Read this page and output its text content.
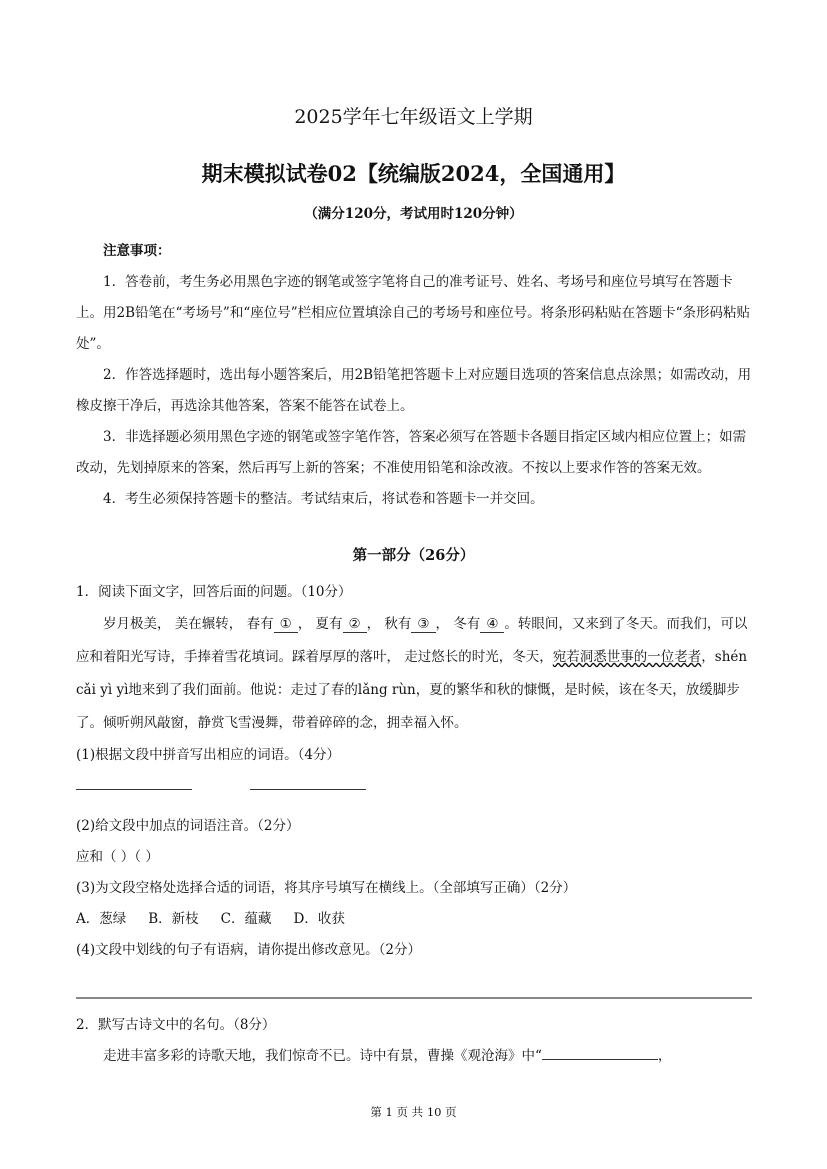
2025学年七年级语文上学期
期末模拟试卷02【统编版2024，全国通用】
（满分120分，考试用时120分钟）
注意事项：
1．答卷前，考生务必用黑色字迹的钢笔或签字笔将自己的准考证号、姓名、考场号和座位号填写在答题卡上。用2B铅笔在“考场号”和“座位号”栏相应位置填涂自己的考场号和座位号。将条形码粘贴在答题卡“条形码粘贴处”。
2．作答选择题时，选出每小题答案后，用2B铅笔把答题卡上对应题目选项的答案信息点涂黑；如需改动，用橡皮擦干净后，再选涂其他答案，答案不能答在试卷上。
3．非选择题必须用黑色字迹的钢笔或签字笔作答，答案必须写在答题卡各题目指定区域内相应位置上；如需改动，先划掉原来的答案，然后再写上新的答案；不准使用铅笔和涂改液。不按以上要求作答的答案无效。
4．考生必须保持答题卡的整洁。考试结束后，将试卷和答题卡一并交回。
第一部分（26分）
1．阅读下面文字，回答后面的问题。（10分）
岁月极美， 美在辗转， 春有 ① ， 夏有 ② ， 秋有 ③ ， 冬有 ④ 。转眼间，又来到了冬天。而我们，可以应和着阳光写诗，手捧着雪花填词。踩着厚厚的落叶， 走过悠长的时光，冬天，宛若洞悉世事的一位老者，shén cǎi yì yì地来到了我们面前。他说：走过了春的lǎng rùn，夏的繁华和秋的慷慨，是时候，该在冬天，放缓脚步了。倾听朔风敲窗，静赏飞雪漫舞，带着碎碎的念，拥幸福入怀。
(1)根据文段中拼音写出相应的词语。（4分）
(2)给文段中加点的词语注音。（2分）
应和（ ）（ ）
(3)为文段空格处选择合适的词语，将其序号填写在横线上。（全部填写正确）（2分）
A．葱绿 B．新枝 C．蕴藏 D．收获
(4)文段中划线的句子有语病，请你提出修改意见。（2分）
2．默写古诗文中的名句。（8分）
走进丰富多彩的诗歌天地，我们惊奇不已。诗中有景，曹操《观沧海》中“	，
第 1 页 共 10 页
